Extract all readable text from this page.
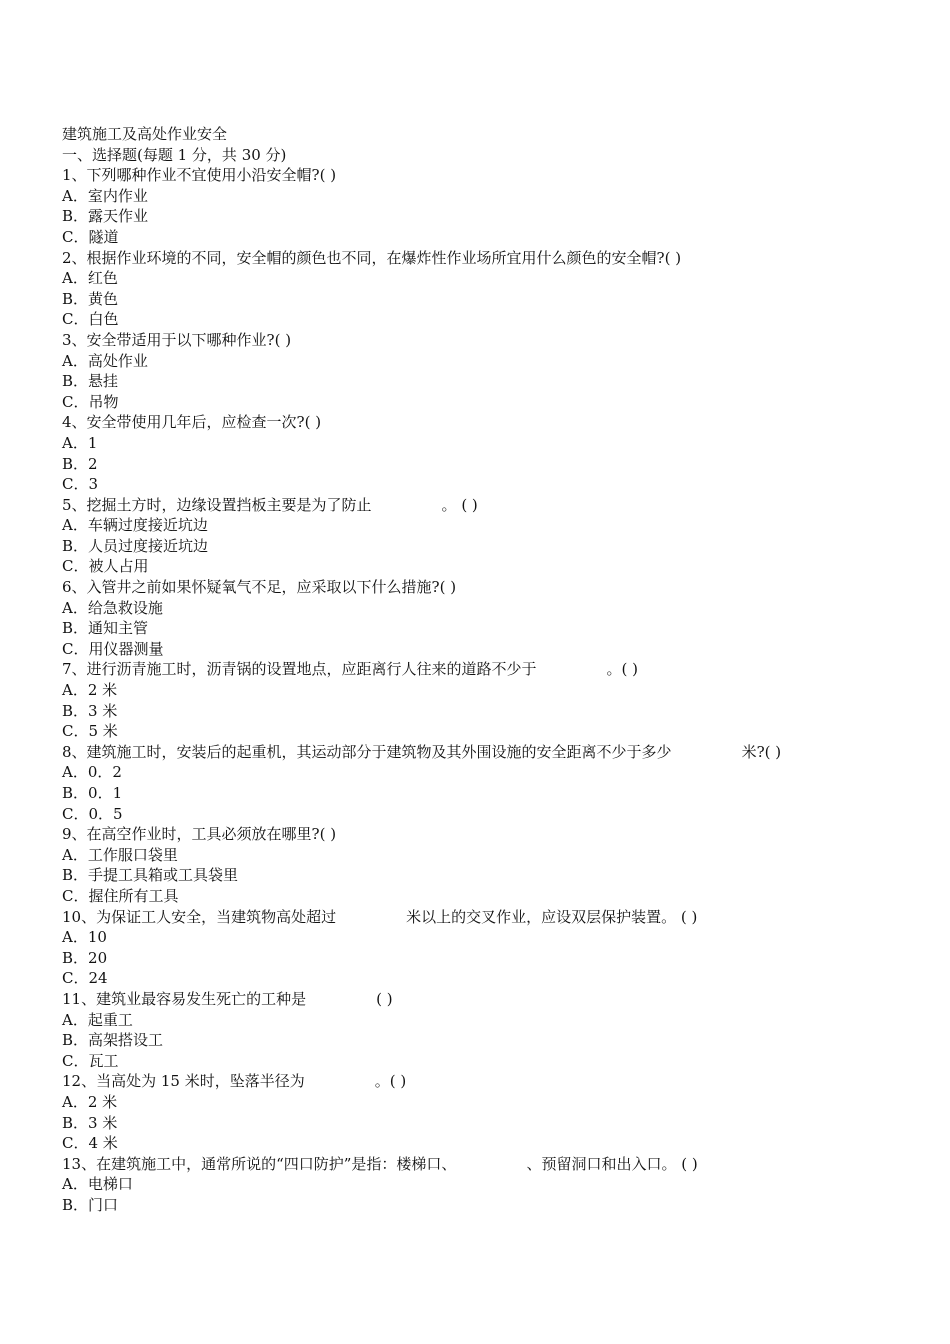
建筑施工及高处作业安全
一、选择题(每题 1 分，共 30 分)
1、下列哪种作业不宜使用小沿安全帽?( )
A．室内作业
B．露天作业
C．隧道
2、根据作业环境的不同，安全帽的颜色也不同，在爆炸性作业场所宜用什么颜色的安全帽?( )
A．红色
B．黄色
C．白色
3、安全带适用于以下哪种作业?( )
A．高处作业
B．悬挂
C．吊物
4、安全带使用几年后，应检查一次?( )
A．1
B．2
C．3
5、挖掘土方时，边缘设置挡板主要是为了防止	。 ( )
A．车辆过度接近坑边
B．人员过度接近坑边
C．被人占用
6、入管井之前如果怀疑氧气不足，应采取以下什么措施?( )
A．给急救设施
B．通知主管
C．用仪器测量
7、进行沥青施工时，沥青锅的设置地点，应距离行人往来的道路不少于	。( )
A．2 米
B．3 米
C．5 米
8、建筑施工时，安装后的起重机，其运动部分于建筑物及其外围设施的安全距离不少于多少	米?( )
A．0．2
B．0．1
C．0．5
9、在高空作业时，工具必须放在哪里?( )
A．工作服口袋里
B．手提工具箱或工具袋里
C．握住所有工具
10、为保证工人安全，当建筑物高处超过	米以上的交叉作业，应设双层保护装置。 ( )
A．10
B．20
C．24
11、建筑业最容易发生死亡的工种是	( )
A．起重工
B．高架搭设工
C．瓦工
12、当高处为 15 米时，坠落半径为	。( )
A．2 米
B．3 米
C．4 米
13、在建筑施工中，通常所说的“四口防护”是指：楼梯口、	、预留洞口和出入口。 ( )
A．电梯口
B．门口
